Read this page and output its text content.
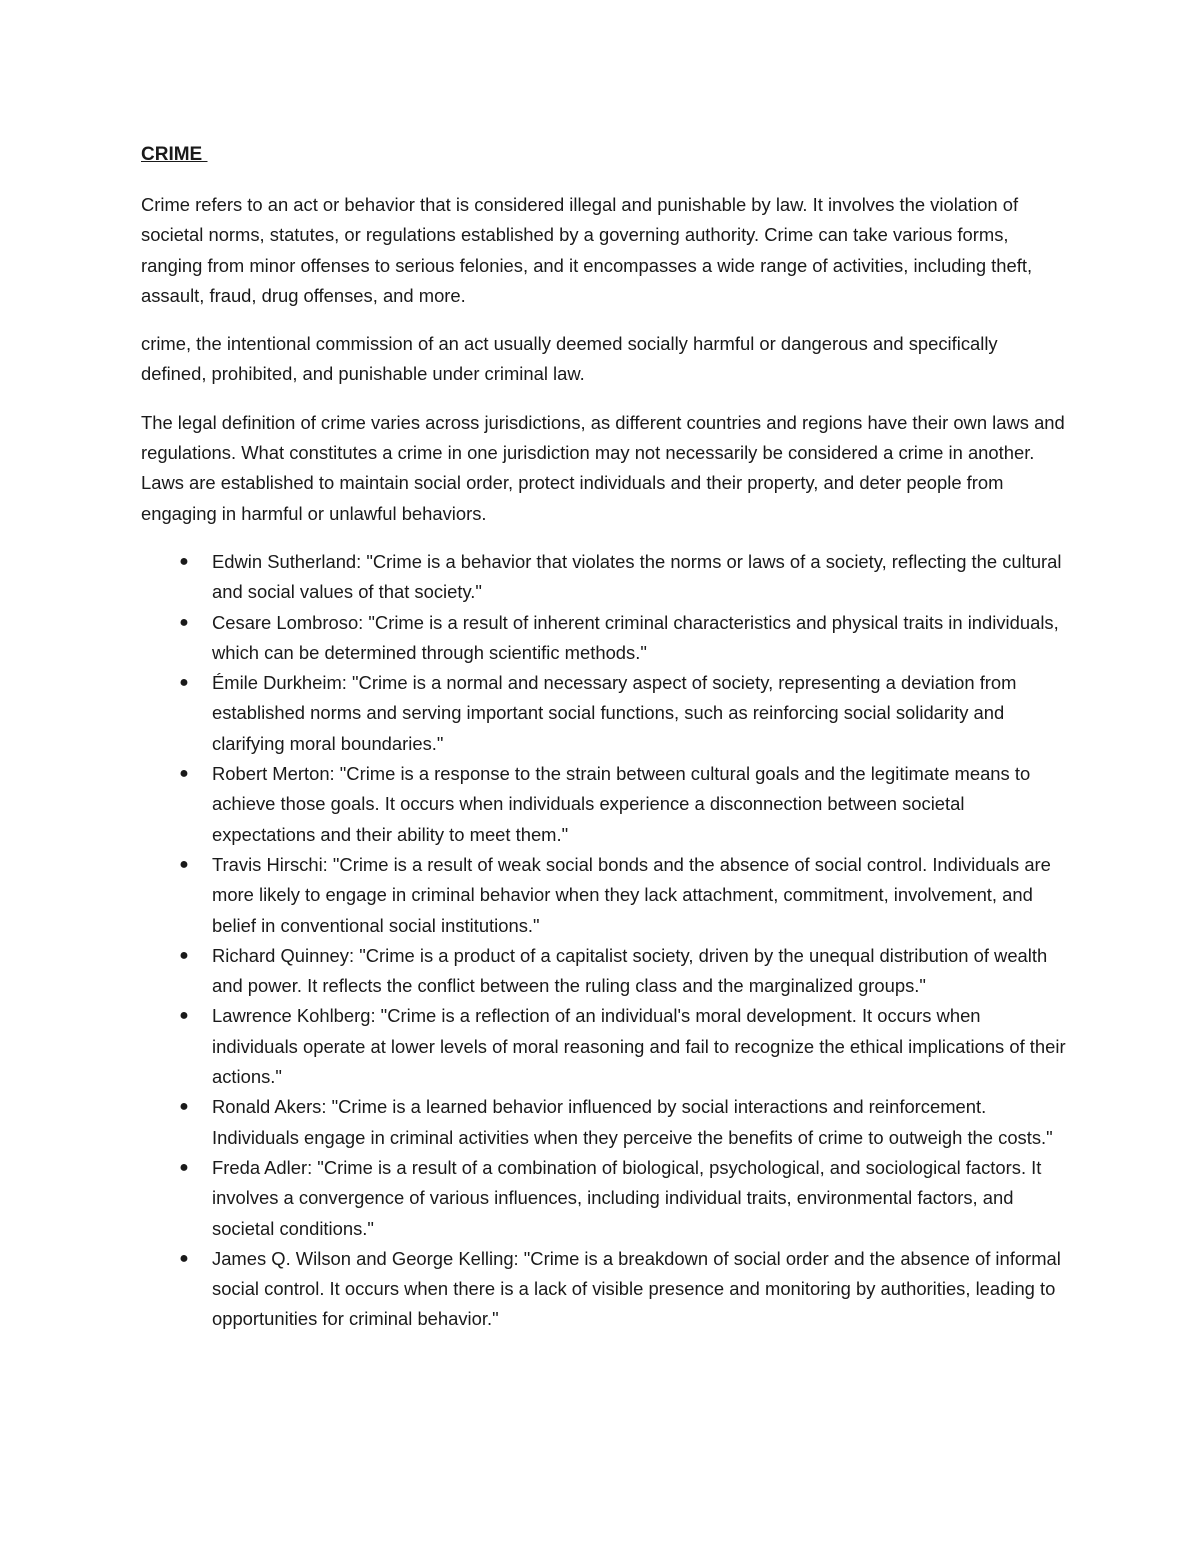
CRIME

Crime refers to an act or behavior that is considered illegal and punishable by law. It involves the violation of societal norms, statutes, or regulations established by a governing authority. Crime can take various forms, ranging from minor offenses to serious felonies, and it encompasses a wide range of activities, including theft, assault, fraud, drug offenses, and more.

crime, the intentional commission of an act usually deemed socially harmful or dangerous and specifically defined, prohibited, and punishable under criminal law.

The legal definition of crime varies across jurisdictions, as different countries and regions have their own laws and regulations. What constitutes a crime in one jurisdiction may not necessarily be considered a crime in another. Laws are established to maintain social order, protect individuals and their property, and deter people from engaging in harmful or unlawful behaviors.

● Edwin Sutherland: "Crime is a behavior that violates the norms or laws of a society, reflecting the cultural and social values of that society."
● Cesare Lombroso: "Crime is a result of inherent criminal characteristics and physical traits in individuals, which can be determined through scientific methods."
● Émile Durkheim: "Crime is a normal and necessary aspect of society, representing a deviation from established norms and serving important social functions, such as reinforcing social solidarity and clarifying moral boundaries."
● Robert Merton: "Crime is a response to the strain between cultural goals and the legitimate means to achieve those goals. It occurs when individuals experience a disconnection between societal expectations and their ability to meet them."
● Travis Hirschi: "Crime is a result of weak social bonds and the absence of social control. Individuals are more likely to engage in criminal behavior when they lack attachment, commitment, involvement, and belief in conventional social institutions."
● Richard Quinney: "Crime is a product of a capitalist society, driven by the unequal distribution of wealth and power. It reflects the conflict between the ruling class and the marginalized groups."
● Lawrence Kohlberg: "Crime is a reflection of an individual's moral development. It occurs when individuals operate at lower levels of moral reasoning and fail to recognize the ethical implications of their actions."
● Ronald Akers: "Crime is a learned behavior influenced by social interactions and reinforcement. Individuals engage in criminal activities when they perceive the benefits of crime to outweigh the costs."
● Freda Adler: "Crime is a result of a combination of biological, psychological, and sociological factors. It involves a convergence of various influences, including individual traits, environmental factors, and societal conditions."
● James Q. Wilson and George Kelling: "Crime is a breakdown of social order and the absence of informal social control. It occurs when there is a lack of visible presence and monitoring by authorities, leading to opportunities for criminal behavior."
